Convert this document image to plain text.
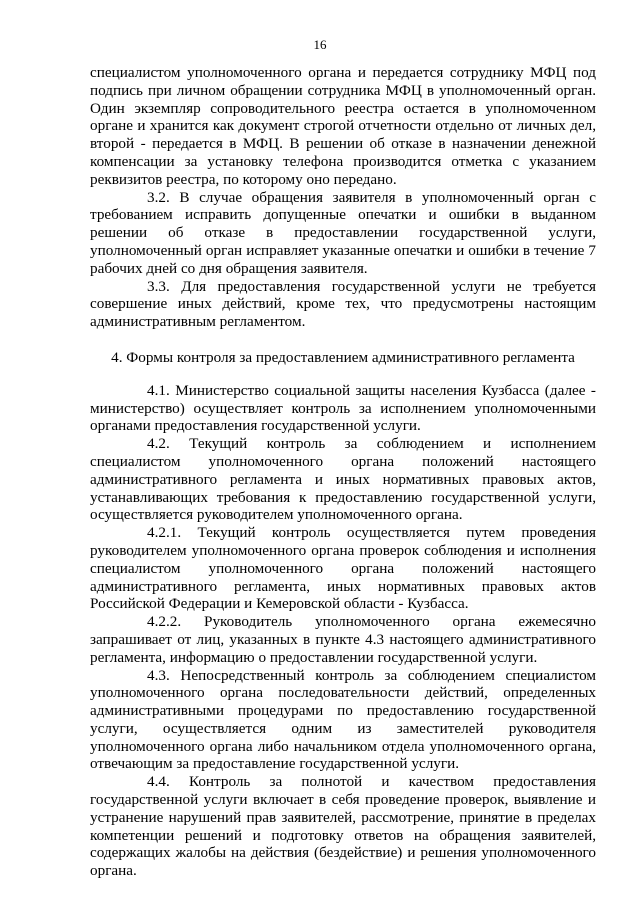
16

специалистом уполномоченного органа и передается сотруднику МФЦ под подпись при личном обращении сотрудника МФЦ в уполномоченный орган. Один экземпляр сопроводительного реестра остается в уполномоченном органе и хранится как документ строгой отчетности отдельно от личных дел, второй - передается в МФЦ. В решении об отказе в назначении денежной компенсации за установку телефона производится отметка с указанием реквизитов реестра, по которому оно передано.

3.2. В случае обращения заявителя в уполномоченный орган с требованием исправить допущенные опечатки и ошибки в выданном решении об отказе в предоставлении государственной услуги, уполномоченный орган исправляет указанные опечатки и ошибки в течение 7 рабочих дней со дня обращения заявителя.

3.3. Для предоставления государственной услуги не требуется совершение иных действий, кроме тех, что предусмотрены настоящим административным регламентом.

4. Формы контроля за предоставлением административного регламента

4.1. Министерство социальной защиты населения Кузбасса (далее - министерство) осуществляет контроль за исполнением уполномоченными органами предоставления государственной услуги.

4.2. Текущий контроль за соблюдением и исполнением специалистом уполномоченного органа положений настоящего административного регламента и иных нормативных правовых актов, устанавливающих требования к предоставлению государственной услуги, осуществляется руководителем уполномоченного органа.

4.2.1. Текущий контроль осуществляется путем проведения руководителем уполномоченного органа проверок соблюдения и исполнения специалистом уполномоченного органа положений настоящего административного регламента, иных нормативных правовых актов Российской Федерации и Кемеровской области - Кузбасса.

4.2.2. Руководитель уполномоченного органа ежемесячно запрашивает от лиц, указанных в пункте 4.3 настоящего административного регламента, информацию о предоставлении государственной услуги.

4.3. Непосредственный контроль за соблюдением специалистом уполномоченного органа последовательности действий, определенных административными процедурами по предоставлению государственной услуги, осуществляется одним из заместителей руководителя уполномоченного органа либо начальником отдела уполномоченного органа, отвечающим за предоставление государственной услуги.

4.4. Контроль за полнотой и качеством предоставления государственной услуги включает в себя проведение проверок, выявление и устранение нарушений прав заявителей, рассмотрение, принятие в пределах компетенции решений и подготовку ответов на обращения заявителей, содержащих жалобы на действия (бездействие) и решения уполномоченного органа.
